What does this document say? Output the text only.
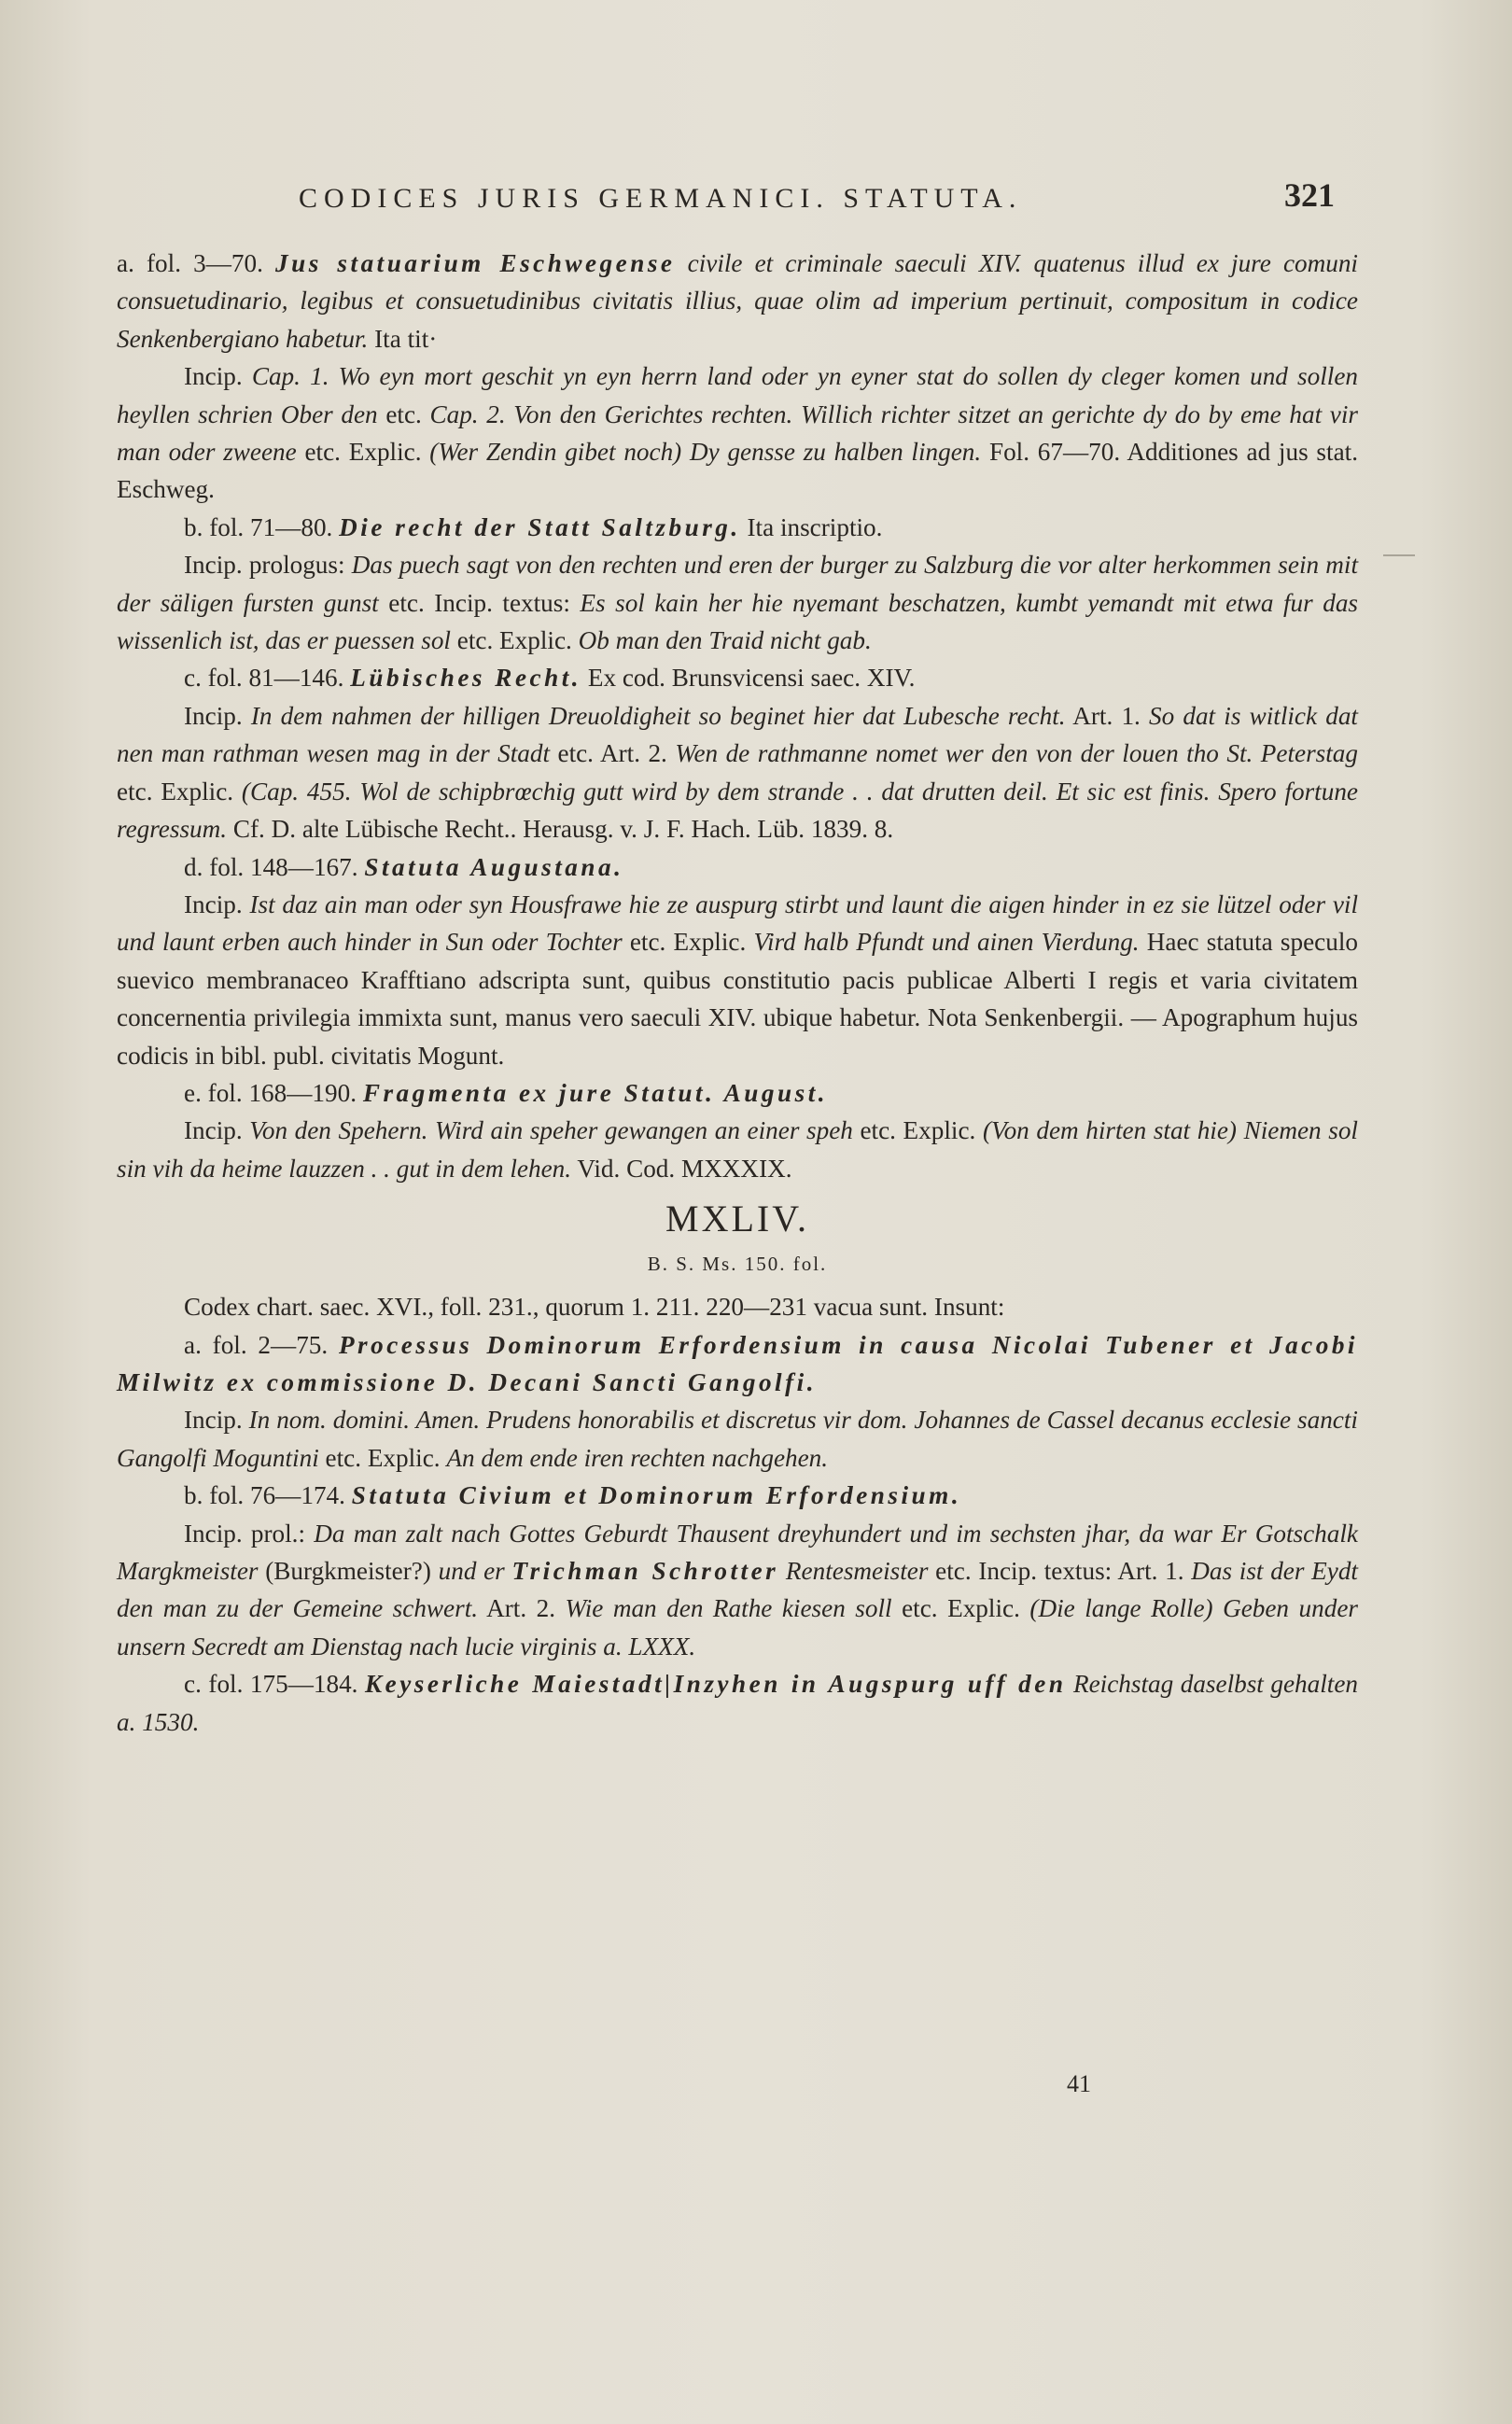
CODICES JURIS GERMANICI. STATUTA.	321

a. fol. 3—70. Jus statuarium Eschwegense civile et criminale saeculi XIV. quatenus illud ex jure comuni consuetudinario, legibus et consuetudinibus civitatis illius, quae olim ad imperium pertinuit, compositum in codice Senkenbergiano habetur. Ita tit·

Incip. Cap. 1. Wo eyn mort geschit yn eyn herrn land oder yn eyner stat do sollen dy cleger komen und sollen heyllen schrien Ober den etc. Cap. 2. Von den Gerichtes rechten. Willich richter sitzet an gerichte dy do by eme hat vir man oder zweene etc. Explic. (Wer Zendin gibet noch) Dy gensse zu halben lingen. Fol. 67—70. Additiones ad jus stat. Eschweg.

b. fol. 71—80. Die recht der Statt Saltzburg. Ita inscriptio.

Incip. prologus: Das puech sagt von den rechten und eren der burger zu Salzburg die vor alter herkommen sein mit der säligen fursten gunst etc. Incip. textus: Es sol kain her hie nyemant beschatzen, kumbt yemandt mit etwa fur das wissenlich ist, das er puessen sol etc. Explic. Ob man den Traid nicht gab.

c. fol. 81—146. Lübisches Recht. Ex cod. Brunsvicensi saec. XIV.

Incip. In dem nahmen der hilligen Dreuoldigheit so beginet hier dat Lubesche recht. Art. 1. So dat is witlick dat nen man rathman wesen mag in der Stadt etc. Art. 2. Wen de rathmanne nomet wer den von der louen tho St. Peterstag etc. Explic. (Cap. 455. Wol de schipbrœchig gutt wird by dem strande . . dat drutten deil. Et sic est finis. Spero fortune regressum. Cf. D. alte Lübische Recht.. Herausg. v. J. F. Hach. Lüb. 1839. 8.

d. fol. 148—167. Statuta Augustana.

Incip. Ist daz ain man oder syn Housfrawe hie ze auspurg stirbt und launt die aigen hinder in ez sie lützel oder vil und launt erben auch hinder in Sun oder Tochter etc. Explic. Vird halb Pfundt und ainen Vierdung. Haec statuta speculo suevico membranaceo Krafftiano adscripta sunt, quibus constitutio pacis publicae Alberti I regis et varia civitatem concernentia privilegia immixta sunt, manus vero saeculi XIV. ubique habetur. Nota Senkenbergii. — Apographum hujus codicis in bibl. publ. civitatis Mogunt.

e. fol. 168—190. Fragmenta ex jure Statut. August.

Incip. Von den Spehern. Wird ain speher gewangen an einer speh etc. Explic. (Von dem hirten stat hie) Niemen sol sin vih da heime lauzzen . . gut in dem lehen. Vid. Cod. MXXXIX.

MXLIV.
B. S. Ms. 150. fol.

Codex chart. saec. XVI., foll. 231., quorum 1. 211. 220—231 vacua sunt. Insunt:

a. fol. 2—75. Processus Dominorum Erfordensium in causa Nicolai Tubener et Jacobi Milwitz ex commissione D. Decani Sancti Gangolfi.

Incip. In nom. domini. Amen. Prudens honorabilis et discretus vir dom. Johannes de Cassel decanus ecclesie sancti Gangolfi Moguntini etc. Explic. An dem ende iren rechten nachgehen.

b. fol. 76—174. Statuta Civium et Dominorum Erfordensium.

Incip. prol.: Da man zalt nach Gottes Geburdt Thausent dreyhundert und im sechsten jhar, da war Er Gotschalk Margkmeister (Burgkmeister?) und er Trichman Schrotter Rentesmeister etc. Incip. textus: Art. 1. Das ist der Eydt den man zu der Gemeine schwert. Art. 2. Wie man den Rathe kiesen soll etc. Explic. (Die lange Rolle) Geben under unsern Secredt am Dienstag nach lucie virginis a. LXXX.

c. fol. 175—184. Keyserliche Maiestadt|Inzyhen in Augspurg uff den Reichstag daselbst gehalten a. 1530.

41
